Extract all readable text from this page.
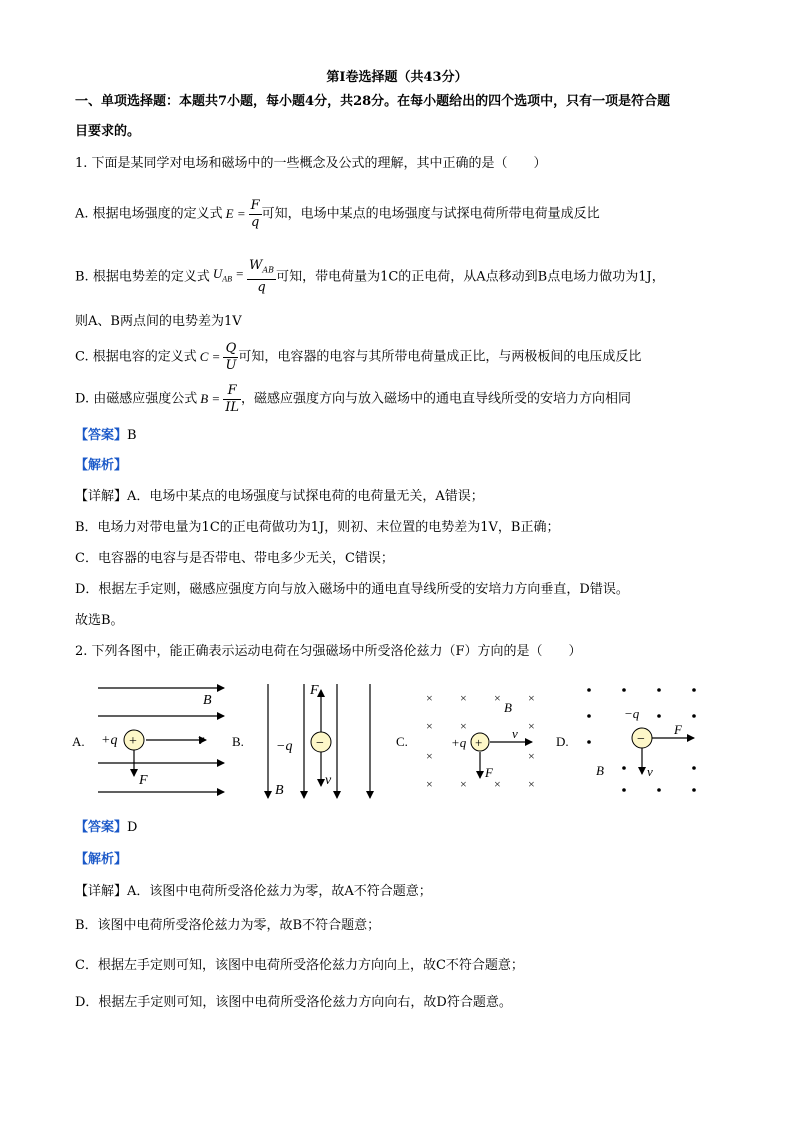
第Ⅰ卷选择题（共43分）
一、单项选择题：本题共7小题，每小题4分，共28分。在每小题给出的四个选项中，只有一项是符合题
目要求的。
1. 下面是某同学对电场和磁场中的一些概念及公式的理解，其中正确的是（　　）
A. 根据电场强度的定义式 $E = \frac{F}{q}$ 可知，电场中某点的电场强度与试探电荷所带电荷量成反比
B. 根据电势差的定义式 $U_{AB} = \frac{W_{AB}}{q}$ 可知，带电荷量为1C的正电荷，从A点移动到B点电场力做功为1J，
则A、B两点间的电势差为1V
C. 根据电容的定义式 $C = \frac{Q}{U}$ 可知，电容器的电容与其所带电荷量成正比，与两极板间的电压成反比
D. 由磁感应强度公式 $B = \frac{F}{IL}$ ，磁感应强度方向与放入磁场中的通电直导线所受的安培力方向相同
【答案】B
【解析】
【详解】A．电场中某点的电场强度与试探电荷的电荷量无关，A错误；
B．电场力对带电量为1C的正电荷做功为1J，则初、末位置的电势差为1V，B正确；
C．电容器的电容与是否带电、带电多少无关，C错误；
D．根据左手定则，磁感应强度方向与放入磁场中的通电直导线所受的安培力方向垂直，D错误。
故选B。
2. 下列各图中，能正确表示运动电荷在匀强磁场中所受洛伦兹力（F）方向的是（　　）
A.	+
+q	v
B
F
B.	−
−q
v
B
F
C.
× × × ×
× ×	×
×	×
× × × ×
+
+q
v
B
F
D.	−
−q
v
B
F
【答案】D
【解析】
【详解】A．该图中电荷所受洛伦兹力为零，故A不符合题意；
B．该图中电荷所受洛伦兹力为零，故B不符合题意；
C．根据左手定则可知，该图中电荷所受洛伦兹力方向向上，故C不符合题意；
D．根据左手定则可知，该图中电荷所受洛伦兹力方向向右，故D符合题意。
